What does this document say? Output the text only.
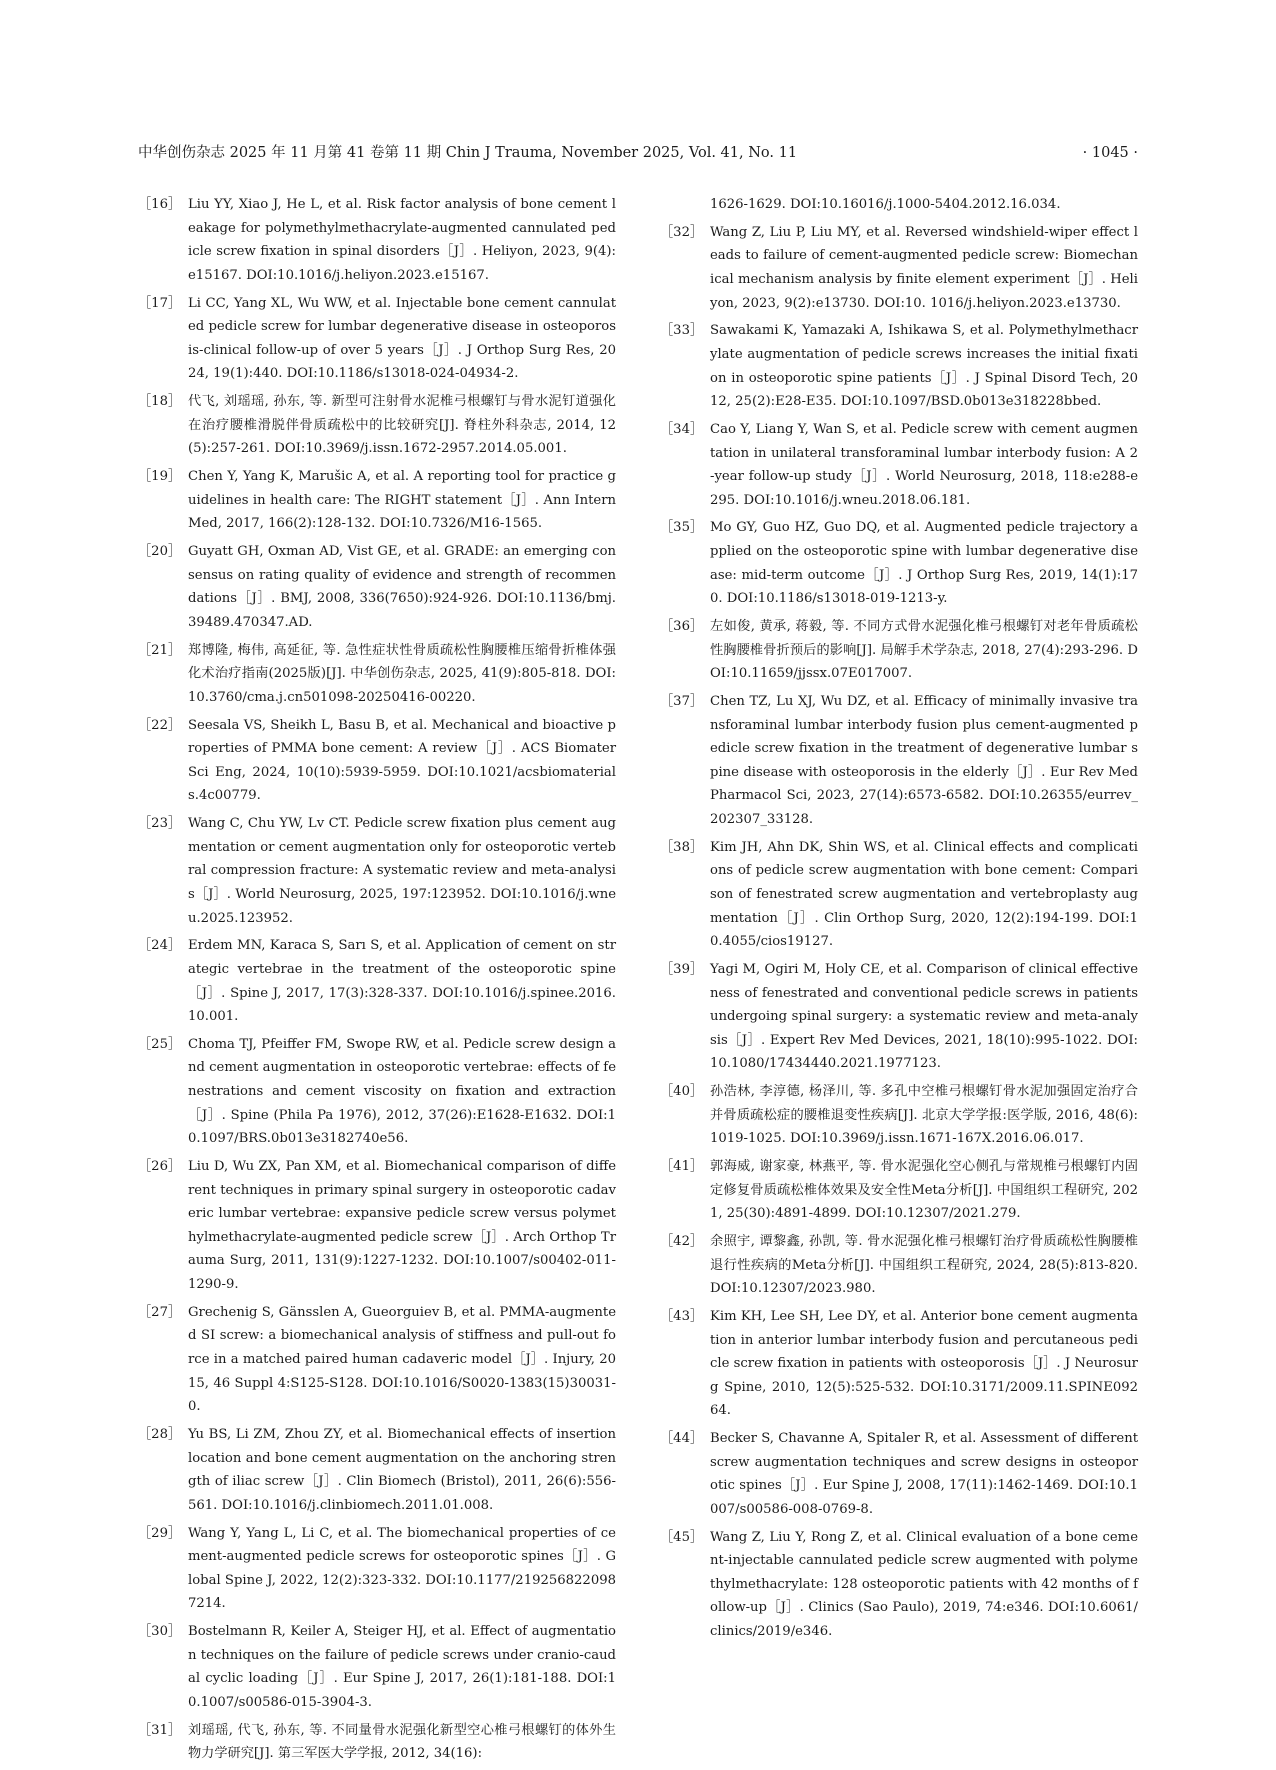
中华创伤杂志 2025 年 11 月第 41 卷第 11 期 Chin J Trauma, November 2025, Vol. 41, No. 11	· 1045 ·
［16］ Liu YY, Xiao J, He L, et al. Risk factor analysis of bone cement leakage for polymethylmethacrylate-augmented cannulated pedicle screw fixation in spinal disorders［J］. Heliyon, 2023, 9(4): e15167. DOI:10.1016/j.heliyon.2023.e15167.
［17］ Li CC, Yang XL, Wu WW, et al. Injectable bone cement cannulated pedicle screw for lumbar degenerative disease in osteoporosis-clinical follow-up of over 5 years［J］. J Orthop Surg Res, 2024, 19(1):440. DOI:10.1186/s13018-024-04934-2.
［18］ 代飞, 刘瑶瑶, 孙东, 等. 新型可注射骨水泥椎弓根螺钉与骨水泥钉道强化在治疗腰椎滑脱伴骨质疏松中的比较研究[J]. 脊柱外科杂志, 2014, 12(5):257-261. DOI:10.3969/j.issn.1672-2957.2014.05.001.
［19］ Chen Y, Yang K, Marušic A, et al. A reporting tool for practice guidelines in health care: The RIGHT statement［J］. Ann Intern Med, 2017, 166(2):128-132. DOI:10.7326/M16-1565.
［20］ Guyatt GH, Oxman AD, Vist GE, et al. GRADE: an emerging consensus on rating quality of evidence and strength of recommendations［J］. BMJ, 2008, 336(7650):924-926. DOI:10.1136/bmj.39489.470347.AD.
［21］ 郑博隆, 梅伟, 高延征, 等. 急性症状性骨质疏松性胸腰椎压缩骨折椎体强化术治疗指南(2025版)[J]. 中华创伤杂志, 2025, 41(9):805-818. DOI:10.3760/cma.j.cn501098-20250416-00220.
［22］ Seesala VS, Sheikh L, Basu B, et al. Mechanical and bioactive properties of PMMA bone cement: A review［J］. ACS Biomater Sci Eng, 2024, 10(10):5939-5959. DOI:10.1021/acsbiomaterials.4c00779.
［23］ Wang C, Chu YW, Lv CT. Pedicle screw fixation plus cement augmentation or cement augmentation only for osteoporotic vertebral compression fracture: A systematic review and meta-analysis［J］. World Neurosurg, 2025, 197:123952. DOI:10.1016/j.wneu.2025.123952.
［24］ Erdem MN, Karaca S, Sarı S, et al. Application of cement on strategic vertebrae in the treatment of the osteoporotic spine［J］. Spine J, 2017, 17(3):328-337. DOI:10.1016/j.spinee.2016.10.001.
［25］ Choma TJ, Pfeiffer FM, Swope RW, et al. Pedicle screw design and cement augmentation in osteoporotic vertebrae: effects of fenestrations and cement viscosity on fixation and extraction［J］. Spine (Phila Pa 1976), 2012, 37(26):E1628-E1632. DOI:10.1097/BRS.0b013e3182740e56.
［26］ Liu D, Wu ZX, Pan XM, et al. Biomechanical comparison of different techniques in primary spinal surgery in osteoporotic cadaveric lumbar vertebrae: expansive pedicle screw versus polymethylmethacrylate-augmented pedicle screw［J］. Arch Orthop Trauma Surg, 2011, 131(9):1227-1232. DOI:10.1007/s00402-011-1290-9.
［27］ Grechenig S, Gänsslen A, Gueorguiev B, et al. PMMA-augmented SI screw: a biomechanical analysis of stiffness and pull-out force in a matched paired human cadaveric model［J］. Injury, 2015, 46 Suppl 4:S125-S128. DOI:10.1016/S0020-1383(15)30031-0.
［28］ Yu BS, Li ZM, Zhou ZY, et al. Biomechanical effects of insertion location and bone cement augmentation on the anchoring strength of iliac screw［J］. Clin Biomech (Bristol), 2011, 26(6):556-561. DOI:10.1016/j.clinbiomech.2011.01.008.
［29］ Wang Y, Yang L, Li C, et al. The biomechanical properties of cement-augmented pedicle screws for osteoporotic spines［J］. Global Spine J, 2022, 12(2):323-332. DOI:10.1177/2192568220987214.
［30］ Bostelmann R, Keiler A, Steiger HJ, et al. Effect of augmentation techniques on the failure of pedicle screws under cranio-caudal cyclic loading［J］. Eur Spine J, 2017, 26(1):181-188. DOI:10.1007/s00586-015-3904-3.
［31］ 刘瑶瑶, 代飞, 孙东, 等. 不同量骨水泥强化新型空心椎弓根螺钉的体外生物力学研究[J]. 第三军医大学学报, 2012, 34(16):
1626-1629. DOI:10.16016/j.1000-5404.2012.16.034.
［32］ Wang Z, Liu P, Liu MY, et al. Reversed windshield-wiper effect leads to failure of cement-augmented pedicle screw: Biomechanical mechanism analysis by finite element experiment［J］. Heliyon, 2023, 9(2):e13730. DOI:10. 1016/j.heliyon.2023.e13730.
［33］ Sawakami K, Yamazaki A, Ishikawa S, et al. Polymethylmethacrylate augmentation of pedicle screws increases the initial fixation in osteoporotic spine patients［J］. J Spinal Disord Tech, 2012, 25(2):E28-E35. DOI:10.1097/BSD.0b013e318228bbed.
［34］ Cao Y, Liang Y, Wan S, et al. Pedicle screw with cement augmentation in unilateral transforaminal lumbar interbody fusion: A 2-year follow-up study［J］. World Neurosurg, 2018, 118:e288-e295. DOI:10.1016/j.wneu.2018.06.181.
［35］ Mo GY, Guo HZ, Guo DQ, et al. Augmented pedicle trajectory applied on the osteoporotic spine with lumbar degenerative disease: mid-term outcome［J］. J Orthop Surg Res, 2019, 14(1):170. DOI:10.1186/s13018-019-1213-y.
［36］ 左如俊, 黄承, 蒋毅, 等. 不同方式骨水泥强化椎弓根螺钉对老年骨质疏松性胸腰椎骨折预后的影响[J]. 局解手术学杂志, 2018, 27(4):293-296. DOI:10.11659/jjssx.07E017007.
［37］ Chen TZ, Lu XJ, Wu DZ, et al. Efficacy of minimally invasive transforaminal lumbar interbody fusion plus cement-augmented pedicle screw fixation in the treatment of degenerative lumbar spine disease with osteoporosis in the elderly［J］. Eur Rev Med Pharmacol Sci, 2023, 27(14):6573-6582. DOI:10.26355/eurrev_202307_33128.
［38］ Kim JH, Ahn DK, Shin WS, et al. Clinical effects and complications of pedicle screw augmentation with bone cement: Comparison of fenestrated screw augmentation and vertebroplasty augmentation［J］. Clin Orthop Surg, 2020, 12(2):194-199. DOI:10.4055/cios19127.
［39］ Yagi M, Ogiri M, Holy CE, et al. Comparison of clinical effectiveness of fenestrated and conventional pedicle screws in patients undergoing spinal surgery: a systematic review and meta-analysis［J］. Expert Rev Med Devices, 2021, 18(10):995-1022. DOI:10.1080/17434440.2021.1977123.
［40］ 孙浩林, 李淳德, 杨泽川, 等. 多孔中空椎弓根螺钉骨水泥加强固定治疗合并骨质疏松症的腰椎退变性疾病[J]. 北京大学学报:医学版, 2016, 48(6):1019-1025. DOI:10.3969/j.issn.1671-167X.2016.06.017.
［41］ 郭海威, 谢家豪, 林燕平, 等. 骨水泥强化空心侧孔与常规椎弓根螺钉内固定修复骨质疏松椎体效果及安全性Meta分析[J]. 中国组织工程研究, 2021, 25(30):4891-4899. DOI:10.12307/2021.279.
［42］ 余照宇, 谭黎鑫, 孙凯, 等. 骨水泥强化椎弓根螺钉治疗骨质疏松性胸腰椎退行性疾病的Meta分析[J]. 中国组织工程研究, 2024, 28(5):813-820. DOI:10.12307/2023.980.
［43］ Kim KH, Lee SH, Lee DY, et al. Anterior bone cement augmentation in anterior lumbar interbody fusion and percutaneous pedicle screw fixation in patients with osteoporosis［J］. J Neurosurg Spine, 2010, 12(5):525-532. DOI:10.3171/2009.11.SPINE09264.
［44］ Becker S, Chavanne A, Spitaler R, et al. Assessment of different screw augmentation techniques and screw designs in osteoporotic spines［J］. Eur Spine J, 2008, 17(11):1462-1469. DOI:10.1007/s00586-008-0769-8.
［45］ Wang Z, Liu Y, Rong Z, et al. Clinical evaluation of a bone cement-injectable cannulated pedicle screw augmented with polymethylmethacrylate: 128 osteoporotic patients with 42 months of follow-up［J］. Clinics (Sao Paulo), 2019, 74:e346. DOI:10.6061/clinics/2019/e346.
